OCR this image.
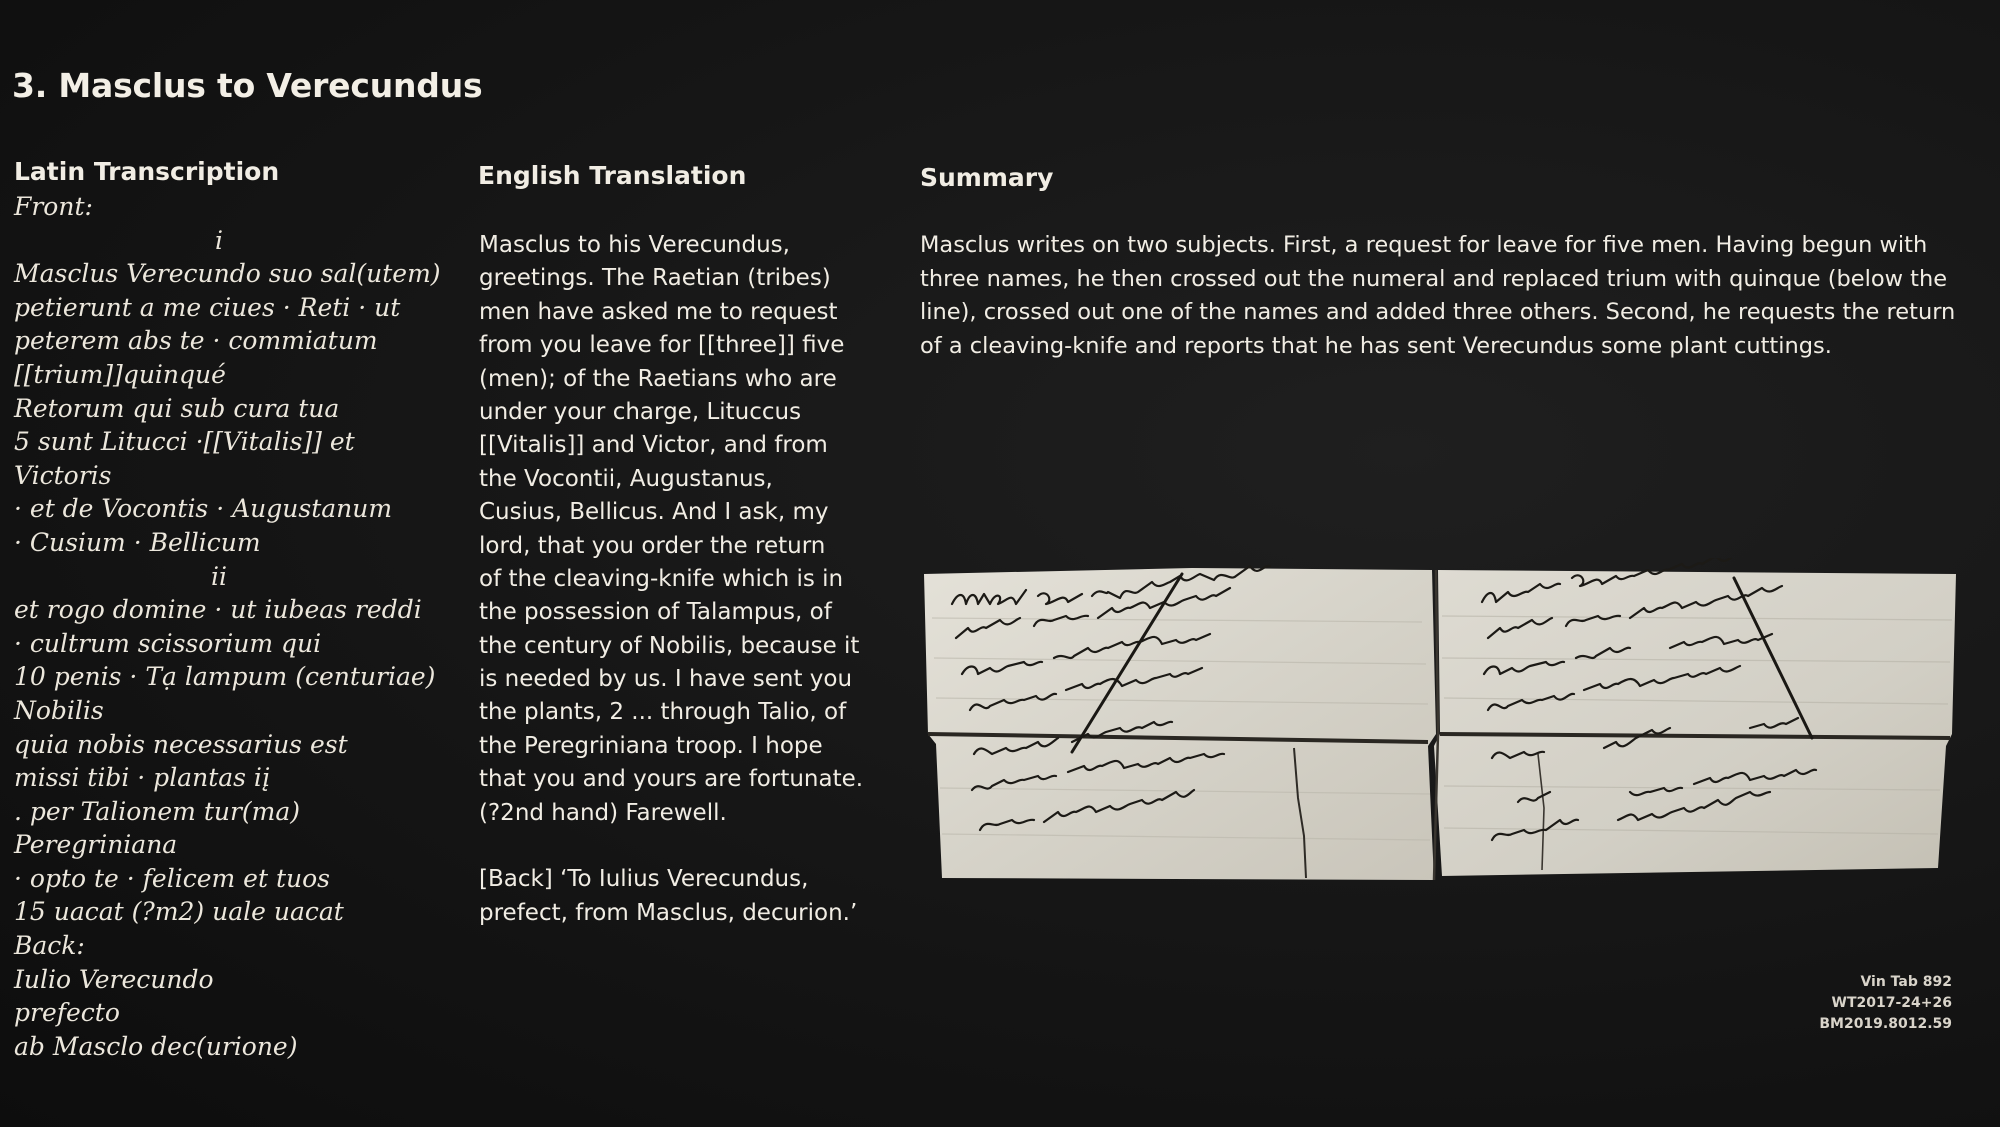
3. Masclus to Verecundus
Latin Transcription	English Translation	Summary
Front:
i
Masclus Verecundo suo sal(utem)
petierunt a me ciues · Reti · ut
peterem abs te · commiatum
[[trium]]quinqué
Retorum qui sub cura tua
5 sunt Litucci ·[[Vitalis]] et
Victoris
· et de Vocontis · Augustanum
· Cusium · Bellicum
ii
et rogo domine · ut iubeas reddi
· cultrum scissorium qui
10 penis · Tạ lampum (centuriae)
Nobilis
quia nobis necessarius est
missi tibi · plantas iį
. per Talionem tur(ma)
Peregriniana
· opto te · felicem et tuos
15 uacat (?m2) uale uacat
Back:
Iulio Verecundo
prefecto
ab Masclo dec(urione)
Masclus to his Verecundus,
greetings. The Raetian (tribes)
men have asked me to request
from you leave for [[three]] five
(men); of the Raetians who are
under your charge, Lituccus
[[Vitalis]] and Victor, and from
the Vocontii, Augustanus,
Cusius, Bellicus. And I ask, my
lord, that you order the return
of the cleaving-knife which is in
the possession of Talampus, of
the century of Nobilis, because it
is needed by us. I have sent you
the plants, 2 ... through Talio, of
the Peregriniana troop. I hope
that you and yours are fortunate.
(?2nd hand) Farewell.
[Back] ‘To Iulius Verecundus,
prefect, from Masclus, decurion.’
Masclus writes on two subjects. First, a request for leave for five men. Having begun with
three names, he then crossed out the numeral and replaced trium with quinque (below the
line), crossed out one of the names and added three others. Second, he requests the return
of a cleaving-knife and reports that he has sent Verecundus some plant cuttings.
Vin Tab 892
WT2017-24+26
BM2019.8012.59
